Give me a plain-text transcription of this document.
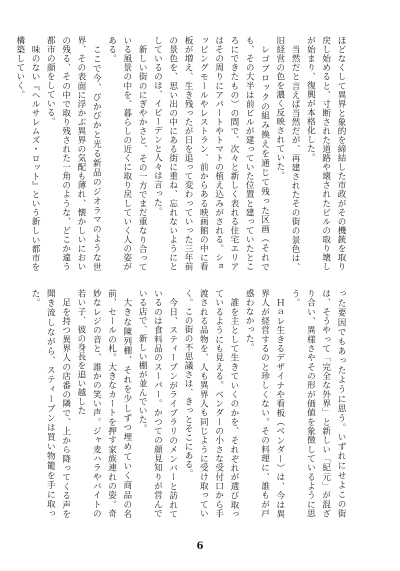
ほどなくして異界と象的を締結した市政がその機銃を取り戻し始めると、寸断された道路や壊されたビルの取り壊しが始まり、復興が本格化した。

当然だと言えば当然だが、再建されたその街の景色は、旧経営の色を濃く反映されていた。

レゴブロックの組み換えを通じて残った区画（それでも、その大半は前ビルが建っていた位置と建っていたところにできたもの）の間で、次々と新しく表れる住宅エリアはその周りにアパートやトマトの植え込みがされる。ショッピングモールやレストラン、前からある映画館の中に看板が増え、生き残ったが日を追って変わっていった三年前の景色を、思い出の中にある街に重ね、忘れないようにとしているのは、イビーデンと人々は言った。

新しい街のにぎやかさと、その一方でまだ重なり合っている風景の中を、暮らしの近くに取り戻していく人の姿がある。

ここで今、びかびかと光る新品のジオラマのような世界、その表面に浮かぶ異界の気配も薄れ、懐かしいにおいの残る、その中で取り残された一角のような、どこか違う都市の顔をしている。

味のない『ヘルサレムズ・ロット』という新しい都市を構築していく。

った要因でもあったように思う。いずれにせよこの街は、そうやって「完全な外界」と新しい「紀元」が混ざり合い、異様さやその形が価値を象徴しているように思う。

Ｈａレ生きるデザイナや看板（ベンダー）は、今は異界人が経営するのと珍しくない。その料理に、誰もが戸惑わなかった。

誰を主として生きていくのかを、それぞれが選び取っているようにも見える。ベンダーの小さな受付口から手渡される品物を、人も異界人も同じように受け取っていく。この街の不思議さは、きっとそこにある。

今日、スティーブンがライブラリのメンバーと訪れているのは食料品のスーパー。かつての顔見知りが営んでいる店で、新しい棚が並んでいた。

大きな陳列棚、それを少しずつ埋めていく商品の名前、セールの札。大きなカートを押す家族連れの姿。奇妙なレジの音と、誰かの笑い声。ジャ麦ハラやバイトの若い子、彼の身長を追い越した

足を持つ異界人の店番の隣で、上から降ってくる声を聞き流しながら、スティーブンは買い物籠を手に取った。

6
